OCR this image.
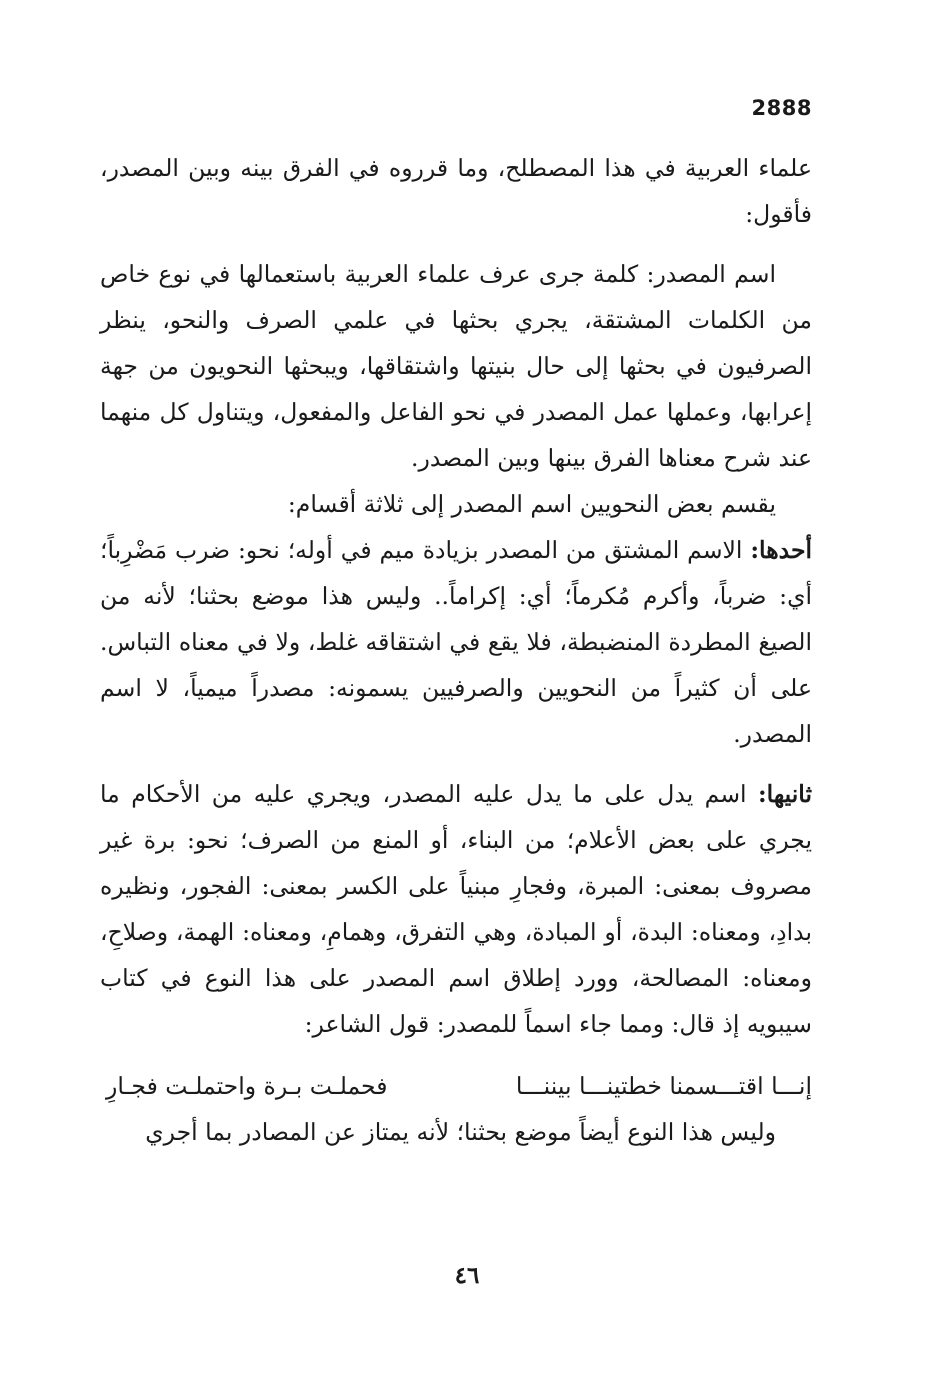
2888

علماء العربية في هذا المصطلح، وما قرروه في الفرق بينه وبين المصدر، فأقول:

اسم المصدر: كلمة جرى عرف علماء العربية باستعمالها في نوع خاص من الكلمات المشتقة، يجري بحثها في علمي الصرف والنحو، ينظر الصرفيون في بحثها إلى حال بنيتها واشتقاقها، ويبحثها النحويون من جهة إعرابها، وعملها عمل المصدر في نحو الفاعل والمفعول، ويتناول كل منهما عند شرح معناها الفرق بينها وبين المصدر.

يقسم بعض النحويين اسم المصدر إلى ثلاثة أقسام:

أحدها: الاسم المشتق من المصدر بزيادة ميم في أوله؛ نحو: ضرب مَضْرِباً؛ أي: ضرباً، وأكرم مُكرماً؛ أي: إكراماً.. وليس هذا موضع بحثنا؛ لأنه من الصيغ المطردة المنضبطة، فلا يقع في اشتقاقه غلط، ولا في معناه التباس. على أن كثيراً من النحويين والصرفيين يسمونه: مصدراً ميمياً، لا اسم المصدر.

ثانيها: اسم يدل على ما يدل عليه المصدر، ويجري عليه من الأحكام ما يجري على بعض الأعلام؛ من البناء، أو المنع من الصرف؛ نحو: برة غير مصروف بمعنى: المبرة، وفجارِ مبنياً على الكسر بمعنى: الفجور، ونظيره بدادِ، ومعناه: البدة، أو المبادة، وهي التفرق، وهمامِ، ومعناه: الهمة، وصلاحِ، ومعناه: المصالحة، وورد إطلاق اسم المصدر على هذا النوع في كتاب سيبويه إذ قال: ومما جاء اسماً للمصدر: قول الشاعر:

إنـــا اقتـــسمنا خطتينـــا بيننـــا
فحملـت بـرة واحتملـت فجـارِ

وليس هذا النوع أيضاً موضع بحثنا؛ لأنه يمتاز عن المصادر بما أجري

٤٦
